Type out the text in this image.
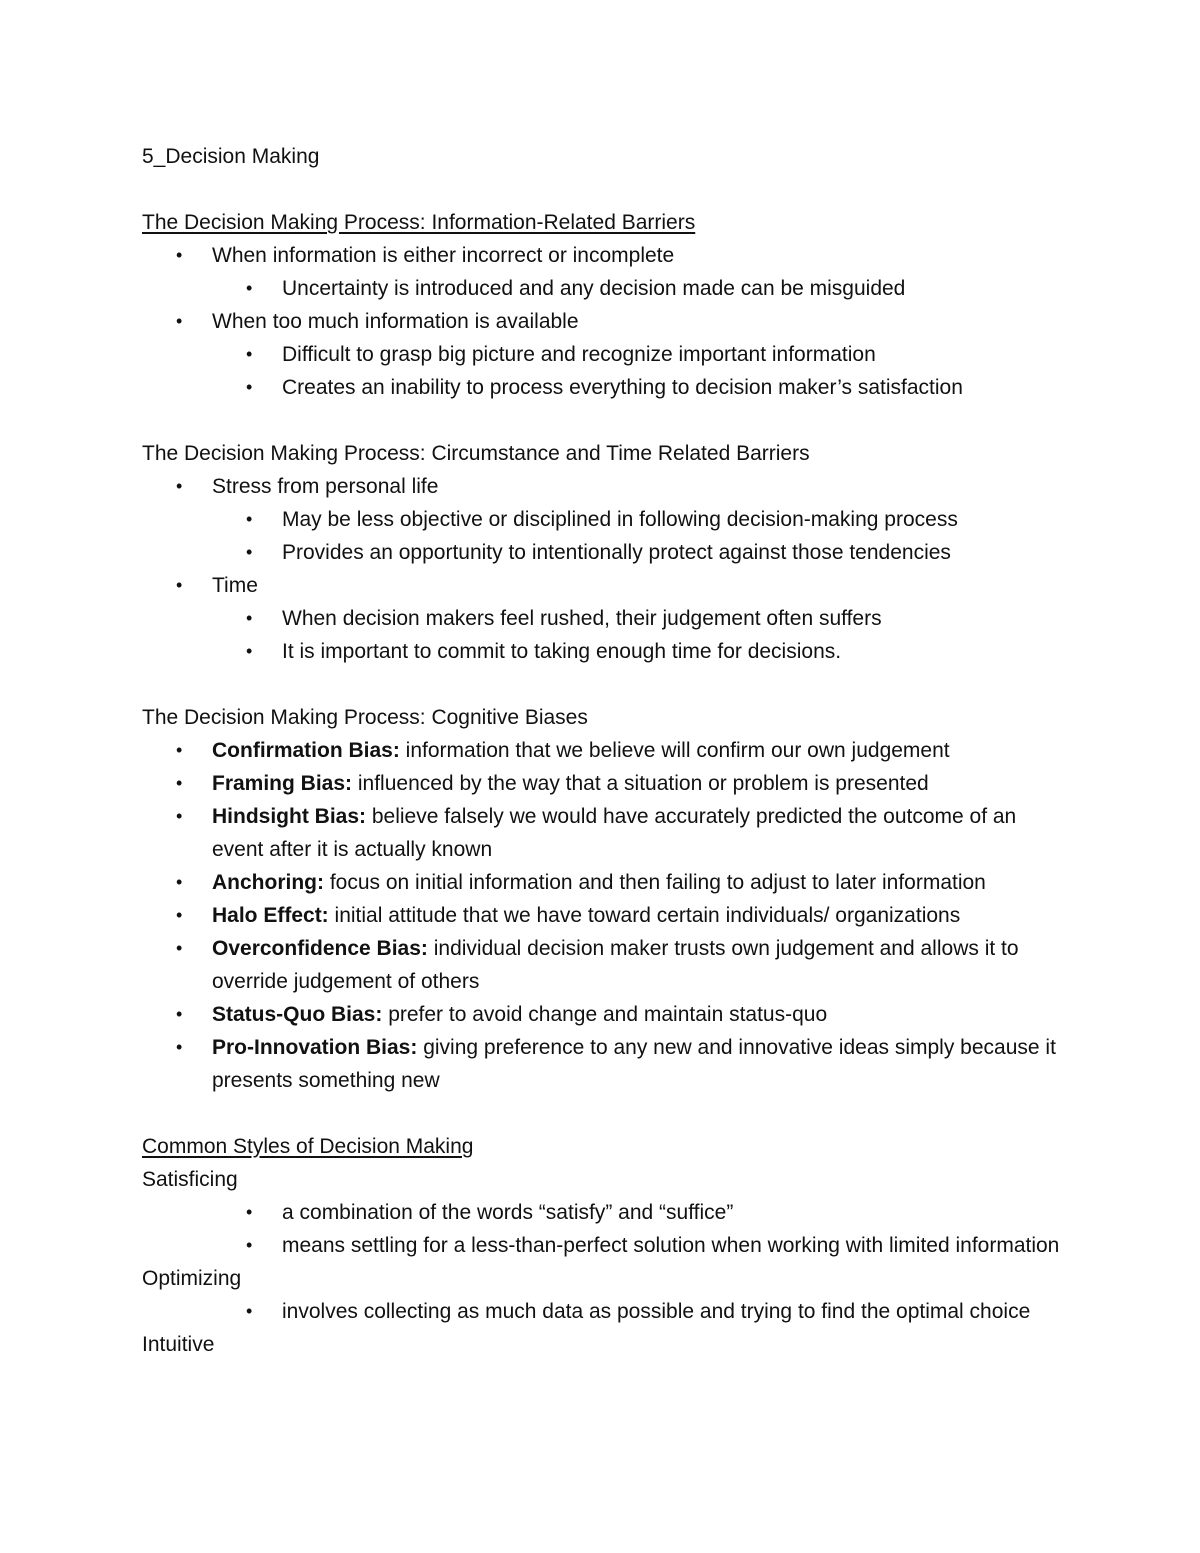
5_Decision Making
The Decision Making Process: Information-Related Barriers
• When information is either incorrect or incomplete
• Uncertainty is introduced and any decision made can be misguided
• When too much information is available
• Difficult to grasp big picture and recognize important information
• Creates an inability to process everything to decision maker’s satisfaction
The Decision Making Process: Circumstance and Time Related Barriers
• Stress from personal life
• May be less objective or disciplined in following decision-making process
• Provides an opportunity to intentionally protect against those tendencies
• Time
• When decision makers feel rushed, their judgement often suffers
• It is important to commit to taking enough time for decisions.
The Decision Making Process: Cognitive Biases
• Confirmation Bias: information that we believe will confirm our own judgement
• Framing Bias: influenced by the way that a situation or problem is presented
• Hindsight Bias: believe falsely we would have accurately predicted the outcome of an event after it is actually known
• Anchoring: focus on initial information and then failing to adjust to later information
• Halo Effect: initial attitude that we have toward certain individuals/ organizations
• Overconfidence Bias: individual decision maker trusts own judgement and allows it to override judgement of others
• Status-Quo Bias: prefer to avoid change and maintain status-quo
• Pro-Innovation Bias: giving preference to any new and innovative ideas simply because it presents something new
Common Styles of Decision Making
Satisficing
• a combination of the words “satisfy” and “suffice”
• means settling for a less-than-perfect solution when working with limited information
Optimizing
• involves collecting as much data as possible and trying to find the optimal choice
Intuitive
